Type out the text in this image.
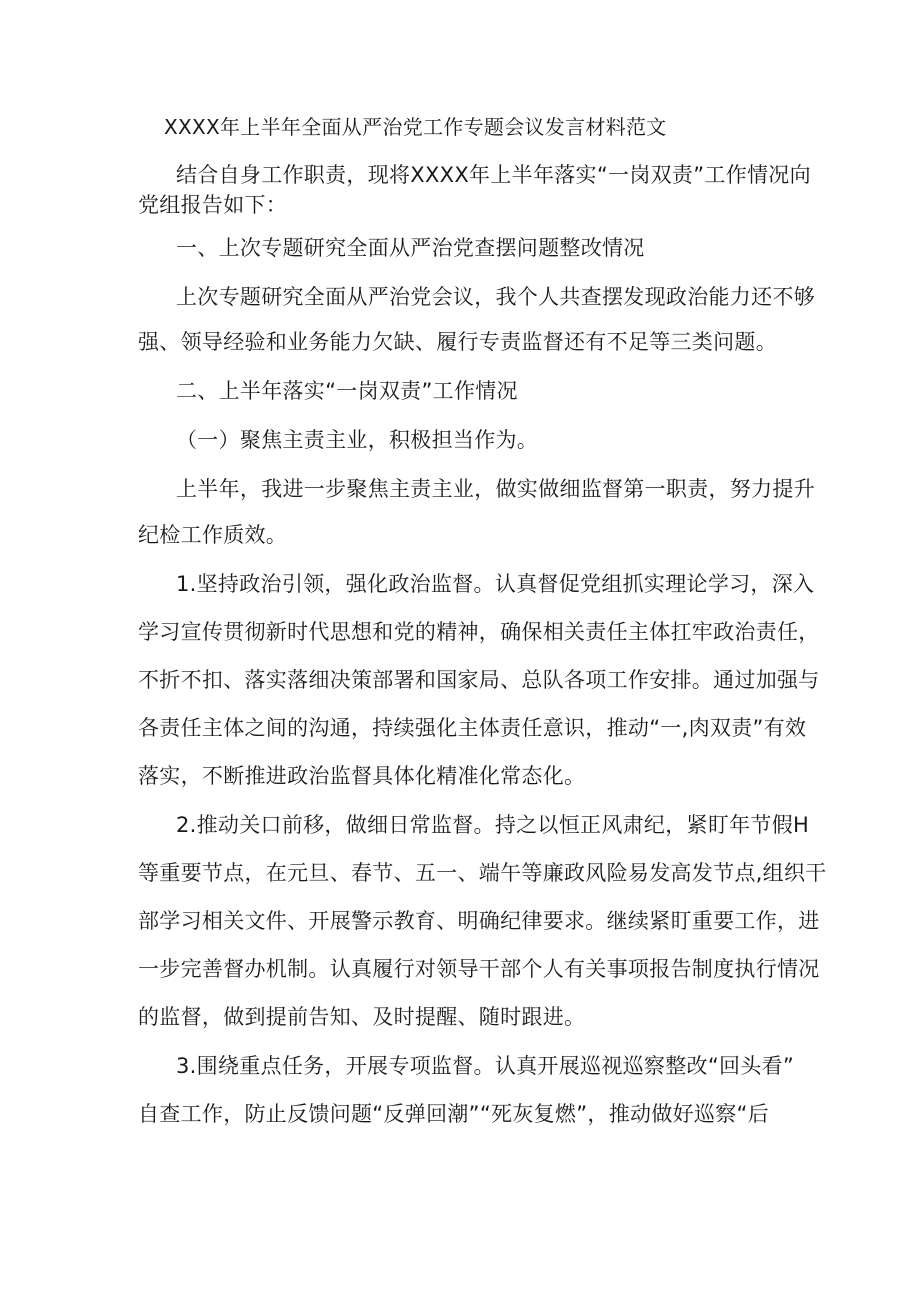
XXXX年上半年全面从严治党工作专题会议发言材料范文
结合自身工作职责，现将XXXX年上半年落实“一岗双责”工作情况向
党组报告如下：
一、上次专题研究全面从严治党查摆问题整改情况
上次专题研究全面从严治党会议，我个人共查摆发现政治能力还不够
强、领导经验和业务能力欠缺、履行专责监督还有不足等三类问题。
二、上半年落实“一岗双责”工作情况
（一）聚焦主责主业，积极担当作为。
上半年，我进一步聚焦主责主业，做实做细监督第一职责，努力提升
纪检工作质效。
1.坚持政治引领，强化政治监督。认真督促党组抓实理论学习，深入
学习宣传贯彻新时代思想和党的精神，确保相关责任主体扛牢政治责任，
不折不扣、落实落细决策部署和国家局、总队各项工作安排。通过加强与
各责任主体之间的沟通，持续强化主体责任意识，推动“一,肉双责”有效
落实，不断推进政治监督具体化精准化常态化。
2.推动关口前移，做细日常监督。持之以恒正风肃纪，紧盯年节假H
等重要节点，在元旦、春节、五一、端午等廉政风险易发高发节点,组织干
部学习相关文件、开展警示教育、明确纪律要求。继续紧盯重要工作，进
一步完善督办机制。认真履行对领导干部个人有关事项报告制度执行情况
的监督，做到提前告知、及时提醒、随时跟进。
3.围绕重点任务，开展专项监督。认真开展巡视巡察整改“回头看”
自查工作，防止反馈问题“反弹回潮”“死灰复燃”，推动做好巡察“后
